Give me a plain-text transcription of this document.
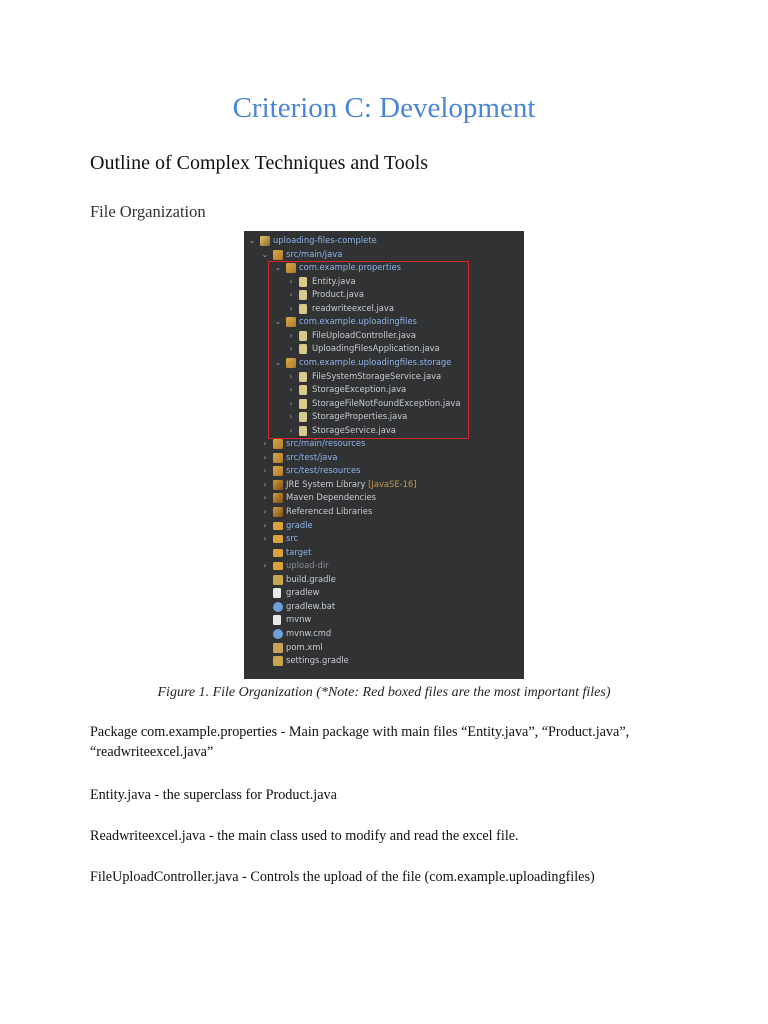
Criterion C: Development
Outline of Complex Techniques and Tools
File Organization
⌄ uploading-files-complete
⌄ src/main/java
⌄ com.example.properties
› Entity.java
› Product.java
› readwriteexcel.java
⌄ com.example.uploadingfiles
› FileUploadController.java
› UploadingFilesApplication.java
⌄ com.example.uploadingfiles.storage
› FileSystemStorageService.java
› StorageException.java
› StorageFileNotFoundException.java
› StorageProperties.java
› StorageService.java
› src/main/resources
› src/test/java
› src/test/resources
› JRE System Library [JavaSE-16]
› Maven Dependencies
› Referenced Libraries
› gradle
› src
target
› upload-dir
build.gradle
gradlew
gradlew.bat
mvnw
mvnw.cmd
pom.xml
settings.gradle

Figure 1. File Organization (*Note: Red boxed files are the most important files)

Package com.example.properties - Main package with main files “Entity.java”, “Product.java”, “readwriteexcel.java”

Entity.java - the superclass for Product.java

Readwriteexcel.java - the main class used to modify and read the excel file.

FileUploadController.java - Controls the upload of the file (com.example.uploadingfiles)
